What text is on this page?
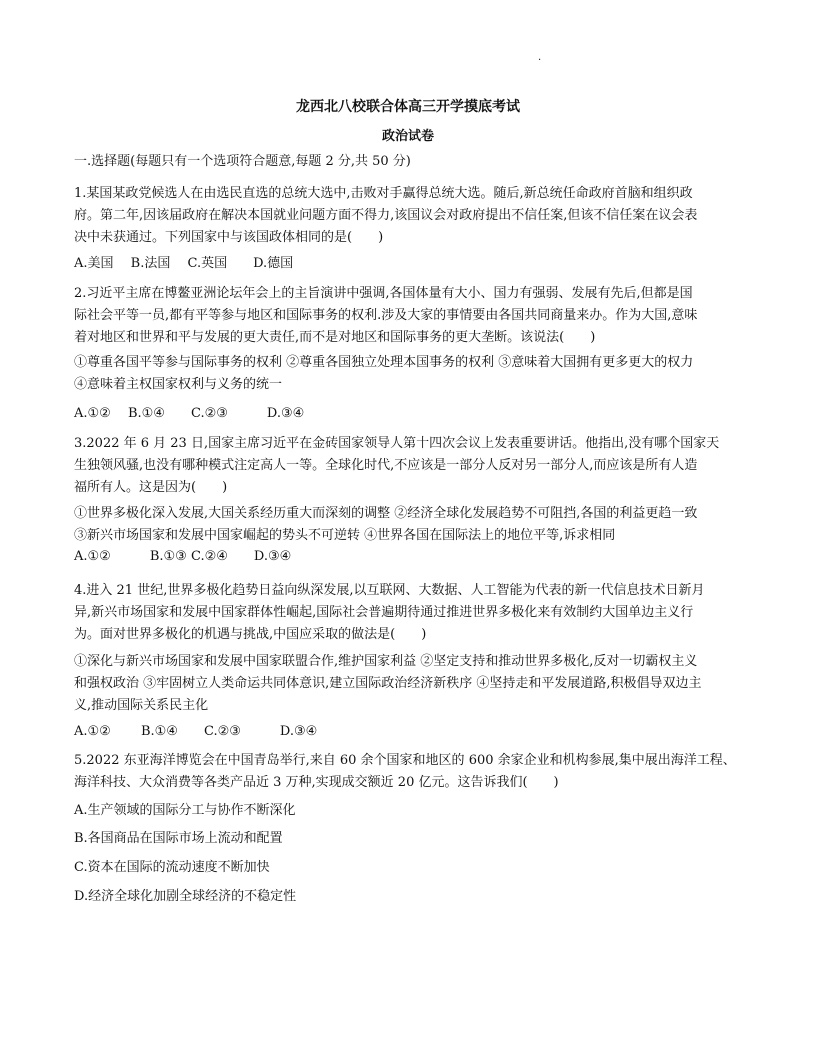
.
龙西北八校联合体高三开学摸底考试
政治试卷
一.选择题(每题只有一个选项符合题意,每题 2 分,共 50 分)

1.某国某政党候选人在由选民直选的总统大选中,击败对手赢得总统大选。随后,新总统任命政府首脑和组织政

府。第二年,因该届政府在解决本国就业问题方面不得力,该国议会对政府提出不信任案,但该不信任案在议会表

决中未获通过。下列国家中与该国政体相同的是(　　)

A.美国　 B.法国　 C.英国　　D.德国

2.习近平主席在博鳌亚洲论坛年会上的主旨演讲中强调,各国体量有大小、国力有强弱、发展有先后,但都是国

际社会平等一员,都有平等参与地区和国际事务的权利.涉及大家的事情要由各国共同商量来办。作为大国,意味

着对地区和世界和平与发展的更大责任,而不是对地区和国际事务的更大垄断。该说法(　　)

①尊重各国平等参与国际事务的权利 ②尊重各国独立处理本国事务的权利 ③意味着大国拥有更多更大的权力

④意味着主权国家权利与义务的统一

A.①②　 B.①④　　C.②③　　　D.③④

3.2022 年 6 月 23 日,国家主席习近平在金砖国家领导人第十四次会议上发表重要讲话。他指出,没有哪个国家天

生独领风骚,也没有哪种模式注定高人一等。全球化时代,不应该是一部分人反对另一部分人,而应该是所有人造

福所有人。这是因为(　　)

①世界多极化深入发展,大国关系经历重大而深刻的调整 ②经济全球化发展趋势不可阻挡,各国的利益更趋一致

③新兴市场国家和发展中国家崛起的势头不可逆转 ④世界各国在国际法上的地位平等,诉求相同

A.①②　　　B.①③ C.②④　　D.③④

4.进入 21 世纪,世界多极化趋势日益向纵深发展,以互联网、大数据、人工智能为代表的新一代信息技术日新月

异,新兴市场国家和发展中国家群体性崛起,国际社会普遍期待通过推进世界多极化来有效制约大国单边主义行

为。面对世界多极化的机遇与挑战,中国应采取的做法是(　　)

①深化与新兴市场国家和发展中国家联盟合作,维护国家利益 ②坚定支持和推动世界多极化,反对一切霸权主义

和强权政治 ③牢固树立人类命运共同体意识,建立国际政治经济新秩序 ④坚持走和平发展道路,积极倡导双边主

义,推动国际关系民主化

A.①②　　 B.①④　　C.②③　　　D.③④

5.2022 东亚海洋博览会在中国青岛举行,来自 60 余个国家和地区的 600 余家企业和机构参展,集中展出海洋工程、

海洋科技、大众消费等各类产品近 3 万种,实现成交额近 20 亿元。这告诉我们(　　)

A.生产领域的国际分工与协作不断深化
B.各国商品在国际市场上流动和配置
C.资本在国际的流动速度不断加快
D.经济全球化加剧全球经济的不稳定性
